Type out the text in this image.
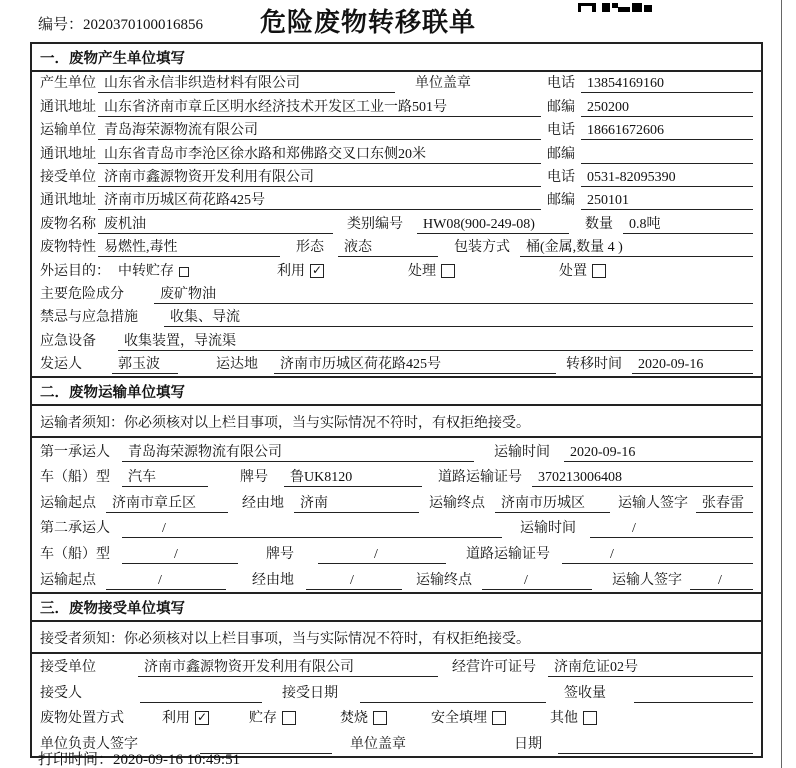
编号：2020370100016856	危险废物转移联单
一．废物产生单位填写
产生单位 山东省永信非织造材料有限公司	单位盖章	电话 13854169160
通讯地址 山东省济南市章丘区明水经济技术开发区工业一路501号	邮编 250200
运输单位 青岛海荣源物流有限公司	电话 18661672606
通讯地址 山东省青岛市李沧区徐水路和郑佛路交叉口东侧20米	邮编
接受单位 济南市鑫源物资开发利用有限公司	电话 0531-82095390
通讯地址 济南市历城区荷花路425号	邮编 250101
废物名称 废机油	类别编号	HW08(900-249-08)	数量	0.8吨
废物特性 易燃性,毒性	形态	液态	包装方式	桶(金属,数量 4 )
外运目的： 中转贮存	利用 ✓	处理	处置
主要危险成分	废矿物油
禁忌与应急措施	收集、导流
应急设备	收集装置，导流渠
发运人	郭玉波	运达地	济南市历城区荷花路425号	转移时间	2020-09-16
二．废物运输单位填写
运输者须知：你必须核对以上栏目事项，当与实际情况不符时，有权拒绝接受。
第一承运人	青岛海荣源物流有限公司	运输时间	2020-09-16
车（船）型	汽车	牌号	鲁UK8120	道路运输证号	370213006408
运输起点	济南市章丘区	经由地	济南	运输终点	济南市历城区	运输人签字	张春雷
第二承运人	/	运输时间	/
车（船）型	/	牌号	/	道路运输证号	/
运输起点	/	经由地	/	运输终点	/	运输人签字	/
三．废物接受单位填写
接受者须知：你必须核对以上栏目事项，当与实际情况不符时，有权拒绝接受。
接受单位	济南市鑫源物资开发利用有限公司	经营许可证号	济南危证02号
接受人	接受日期	签收量
废物处置方式	利用 ✓	贮存	焚烧	安全填埋	其他
单位负责人签字	单位盖章	日期
打印时间：2020-09-16 10:49:51
